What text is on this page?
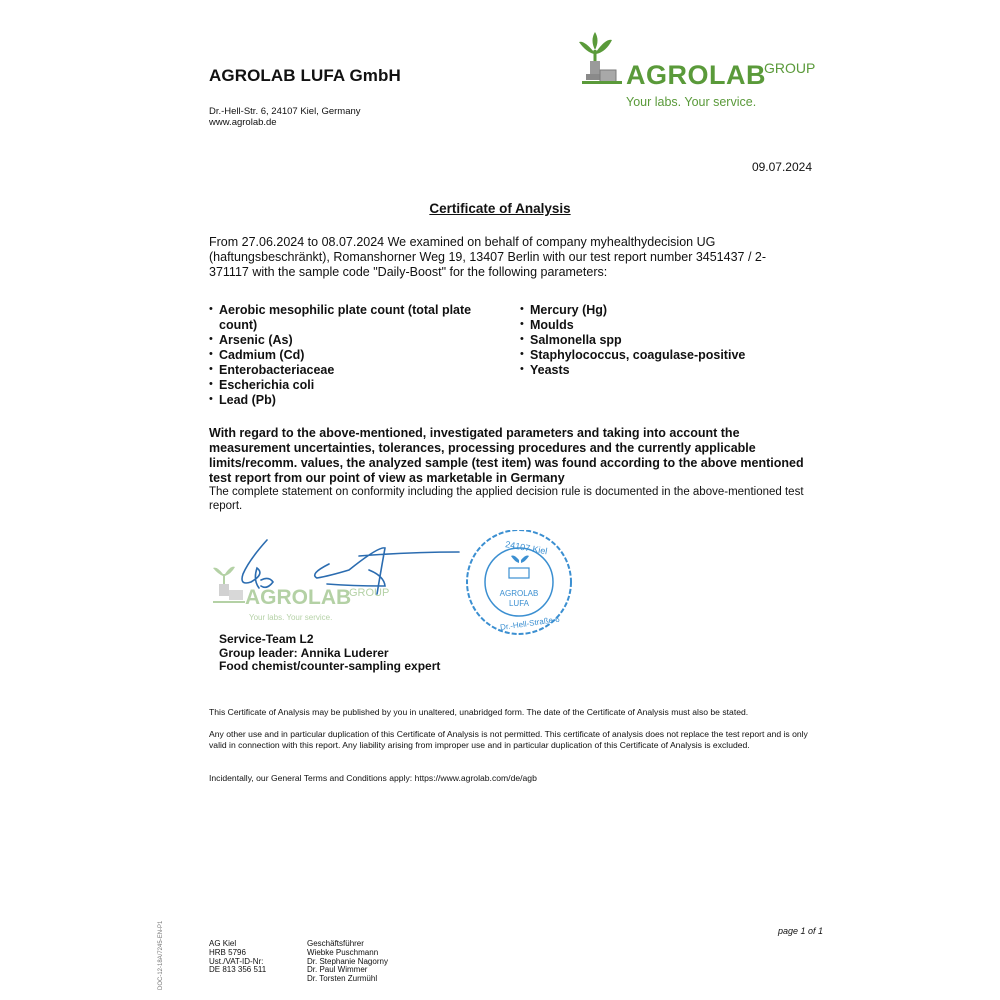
AGROLAB LUFA GmbH
Dr.-Hell-Str. 6, 24107 Kiel, Germany
www.agrolab.de
AGROLAB
GROUP
Your labs. Your service.
09.07.2024
Certificate of Analysis
From 27.06.2024 to 08.07.2024 We examined on behalf of company myhealthydecision UG (haftungsbeschränkt), Romanshorner Weg 19, 13407 Berlin with our test report number 3451437 / 2-371117 with the sample code "Daily-Boost" for the following parameters:
• Aerobic mesophilic plate count (total plate count)
• Arsenic (As)
• Cadmium (Cd)
• Enterobacteriaceae
• Escherichia coli
• Lead (Pb)
• Mercury (Hg)
• Moulds
• Salmonella spp
• Staphylococcus, coagulase-positive
• Yeasts
With regard to the above-mentioned, investigated parameters and taking into account the measurement uncertainties, tolerances, processing procedures and the currently applicable limits/recomm. values, the analyzed sample (test item) was found according to the above mentioned test report from our point of view as marketable in Germany
The complete statement on conformity including the applied decision rule is documented in the above-mentioned test report.
AGROLAB
GROUP
Your labs. Your service.
24107 Kiel
AGROLAB
LUFA
Dr.-Hell-Straße 6
Service-Team L2
Group leader: Annika Luderer
Food chemist/counter-sampling expert
This Certificate of Analysis may be published by you in unaltered, unabridged form. The date of the Certificate of Analysis must also be stated.
Any other use and in particular duplication of this Certificate of Analysis is not permitted. This certificate of analysis does not replace the test report and is only valid in connection with this report. Any liability arising from improper use and in particular duplication of this Certificate of Analysis is excluded.
Incidentally, our General Terms and Conditions apply: https://www.agrolab.com/de/agb
page 1 of 1
AG Kiel
HRB 5796
Ust./VAT-ID-Nr:
DE 813 356 511
Geschäftsführer
Wiebke Puschmann
Dr. Stephanie Nagorny
Dr. Paul Wimmer
Dr. Torsten Zurmühl
DOC-12-18A/7245-EN-P1
